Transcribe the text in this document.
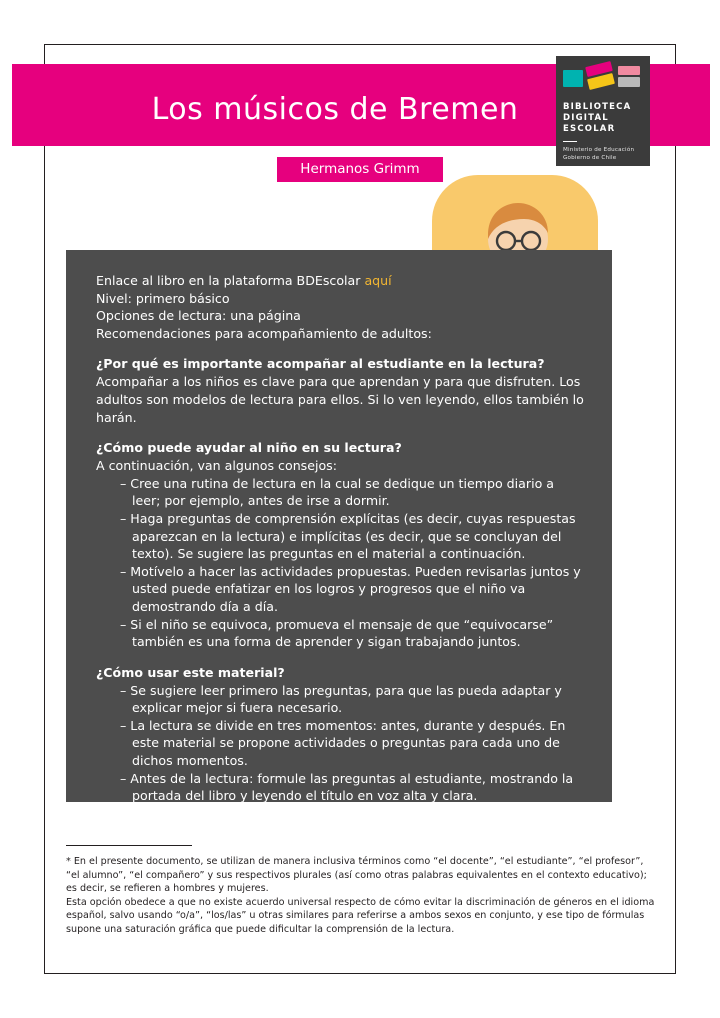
Los músicos de Bremen
Hermanos Grimm
BIBLIOTECA
DIGITAL
ESCOLAR
Ministerio de Educación
Gobierno de Chile

Enlace al libro en la plataforma BDEscolar aquí

Nivel: primero básico

Opciones de lectura: una página

Recomendaciones para acompañamiento de adultos:

¿Por qué es importante acompañar al estudiante en la lectura?

Acompañar a los niños es clave para que aprendan y para que disfruten. Los adultos son modelos de lectura para ellos. Si lo ven leyendo, ellos también lo harán.

¿Cómo puede ayudar al niño en su lectura?

A continuación, van algunos consejos:

– Cree una rutina de lectura en la cual se dedique un tiempo diario a leer; por ejemplo, antes de irse a dormir.

– Haga preguntas de comprensión explícitas (es decir, cuyas respuestas aparezcan en la lectura) e implícitas (es decir, que se concluyan del texto). Se sugiere las preguntas en el material a continuación.

– Motívelo a hacer las actividades propuestas. Pueden revisarlas juntos y usted puede enfatizar en los logros y progresos que el niño va demostrando día a día.

– Si el niño se equivoca, promueva el mensaje de que “equivocarse” también es una forma de aprender y sigan trabajando juntos.

¿Cómo usar este material?

– Se sugiere leer primero las preguntas, para que las pueda adaptar y explicar mejor si fuera necesario.

– La lectura se divide en tres momentos: antes, durante y después. En este material se propone actividades o preguntas para cada uno de dichos momentos.

– Antes de la lectura: formule las preguntas al estudiante, mostrando la portada del libro y leyendo el título en voz alta y clara.

* En el presente documento, se utilizan de manera inclusiva términos como “el docente”, “el estudiante”, “el profesor”, “el alumno”, “el compañero” y sus respectivos plurales (así como otras palabras equivalentes en el contexto educativo); es decir, se refieren a hombres y mujeres.

Esta opción obedece a que no existe acuerdo universal respecto de cómo evitar la discriminación de géneros en el idioma español, salvo usando “o/a”, “los/las” u otras similares para referirse a ambos sexos en conjunto, y ese tipo de fórmulas supone una saturación gráfica que puede dificultar la comprensión de la lectura.
